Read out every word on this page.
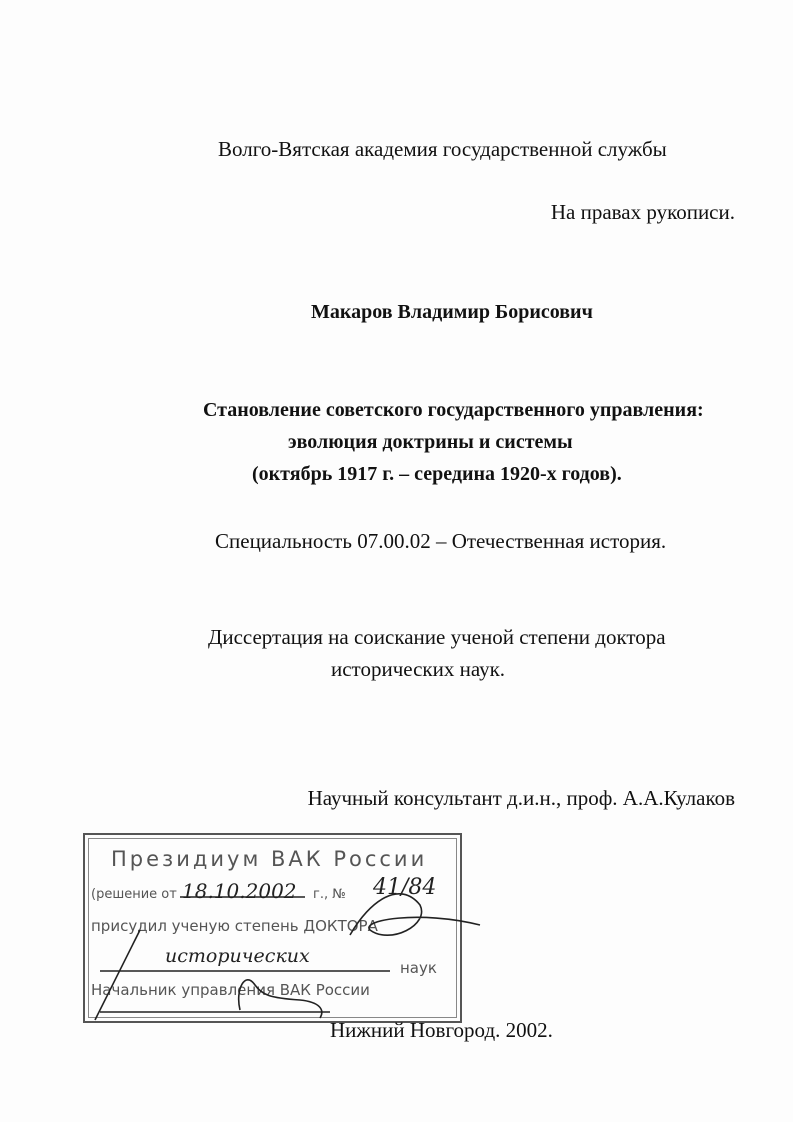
Волго-Вятская академия государственной службы
На правах рукописи.
Макаров Владимир Борисович
Становление советского государственного управления:
эволюция доктрины и системы
(октябрь 1917 г. – середина 1920-х годов).
Специальность 07.00.02 – Отечественная история.
Диссертация на соискание ученой степени доктора
исторических наук.
Научный консультант д.и.н., проф. А.А.Кулаков
Президиум ВАК России
(решение от 18.10.2002 г., № 41/84
присудил ученую степень ДОКТОРА
исторических
наук
Начальник управления ВАК России
Нижний Новгород. 2002.
